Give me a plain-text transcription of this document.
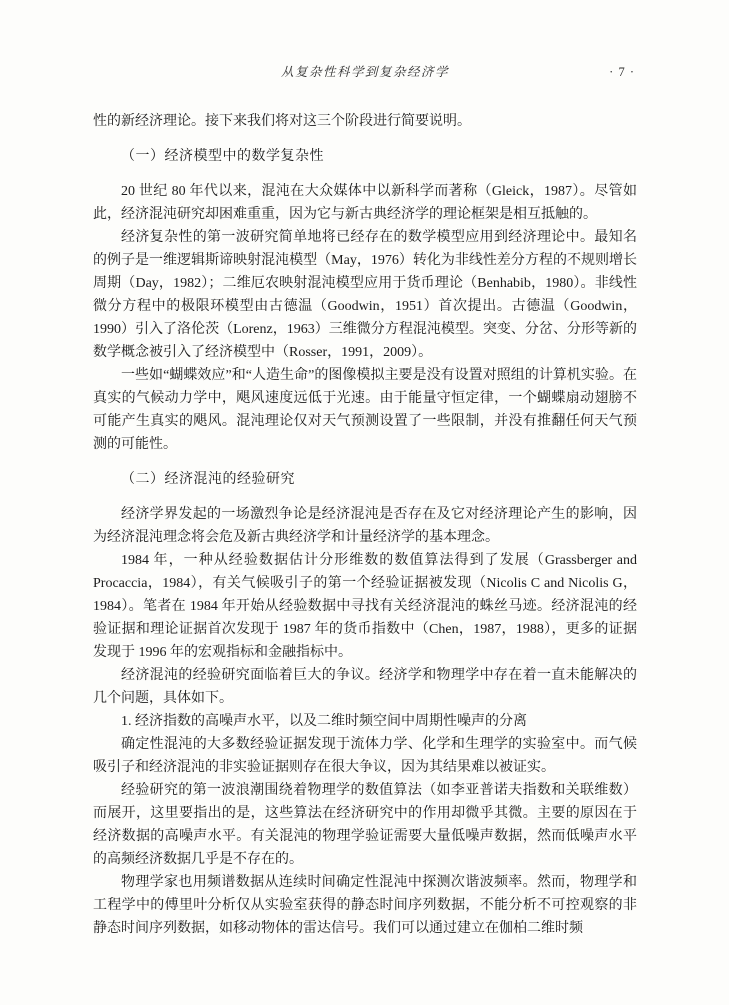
从复杂性科学到复杂经济学	· 7 ·

性的新经济理论。接下来我们将对这三个阶段进行简要说明。

（一）经济模型中的数学复杂性

20 世纪 80 年代以来，混沌在大众媒体中以新科学而著称（Gleick，1987）。尽管如此，经济混沌研究却困难重重，因为它与新古典经济学的理论框架是相互抵触的。

经济复杂性的第一波研究简单地将已经存在的数学模型应用到经济理论中。最知名的例子是一维逻辑斯谛映射混沌模型（May，1976）转化为非线性差分方程的不规则增长周期（Day，1982）；二维厄农映射混沌模型应用于货币理论（Benhabib，1980）。非线性微分方程中的极限环模型由古德温（Goodwin，1951）首次提出。古德温（Goodwin，1990）引入了洛伦茨（Lorenz，1963）三维微分方程混沌模型。突变、分岔、分形等新的数学概念被引入了经济模型中（Rosser，1991，2009）。

一些如“蝴蝶效应”和“人造生命”的图像模拟主要是没有设置对照组的计算机实验。在真实的气候动力学中，飓风速度远低于光速。由于能量守恒定律，一个蝴蝶扇动翅膀不可能产生真实的飓风。混沌理论仅对天气预测设置了一些限制，并没有推翻任何天气预测的可能性。

（二）经济混沌的经验研究

经济学界发起的一场激烈争论是经济混沌是否存在及它对经济理论产生的影响，因为经济混沌理念将会危及新古典经济学和计量经济学的基本理念。

1984 年，一种从经验数据估计分形维数的数值算法得到了发展（Grassberger and Procaccia，1984），有关气候吸引子的第一个经验证据被发现（Nicolis C and Nicolis G，1984）。笔者在 1984 年开始从经验数据中寻找有关经济混沌的蛛丝马迹。经济混沌的经验证据和理论证据首次发现于 1987 年的货币指数中（Chen，1987，1988），更多的证据发现于 1996 年的宏观指标和金融指标中。

经济混沌的经验研究面临着巨大的争议。经济学和物理学中存在着一直未能解决的几个问题，具体如下。

1. 经济指数的高噪声水平，以及二维时频空间中周期性噪声的分离

确定性混沌的大多数经验证据发现于流体力学、化学和生理学的实验室中。而气候吸引子和经济混沌的非实验证据则存在很大争议，因为其结果难以被证实。

经验研究的第一波浪潮围绕着物理学的数值算法（如李亚普诺夫指数和关联维数）而展开，这里要指出的是，这些算法在经济研究中的作用却微乎其微。主要的原因在于经济数据的高噪声水平。有关混沌的物理学验证需要大量低噪声数据，然而低噪声水平的高频经济数据几乎是不存在的。

物理学家也用频谱数据从连续时间确定性混沌中探测次谐波频率。然而，物理学和工程学中的傅里叶分析仅从实验室获得的静态时间序列数据，不能分析不可控观察的非静态时间序列数据，如移动物体的雷达信号。我们可以通过建立在伽柏二维时频
